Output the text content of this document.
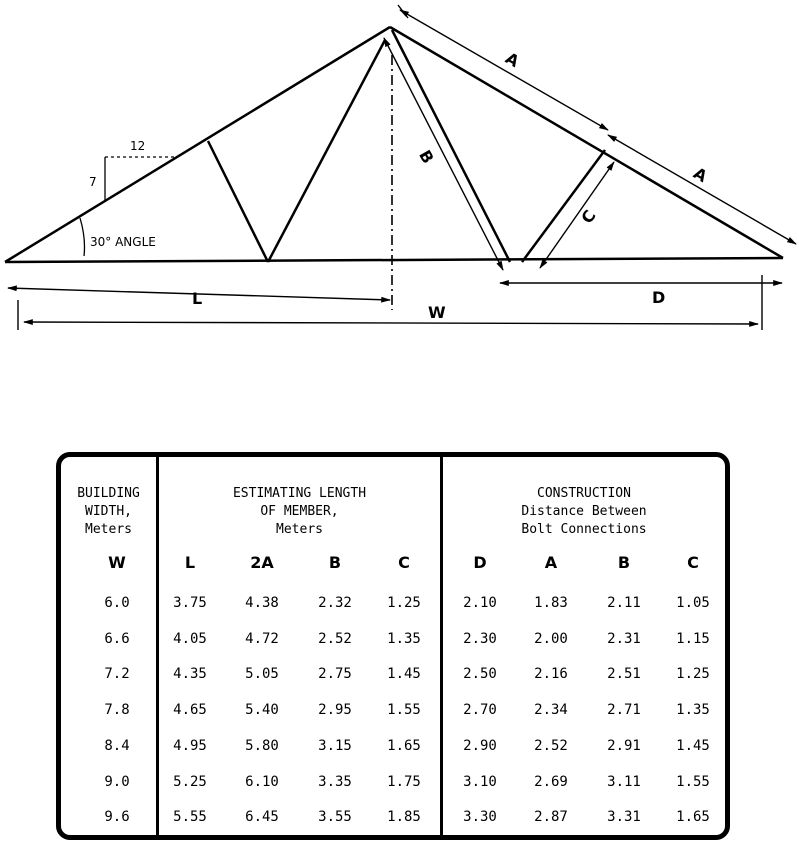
12
7
30° ANGLE
A
A
B
C
L	D
W
BUILDING
WIDTH,
Meters
ESTIMATING LENGTH
OF MEMBER,
Meters
CONSTRUCTION
Distance Between
Bolt Connections
W	L	2A	B	C	D	A	B	C
6.0	3.75	4.38	2.32	1.25	2.10	1.83	2.11	1.05
6.6	4.05	4.72	2.52	1.35	2.30	2.00	2.31	1.15
7.2	4.35	5.05	2.75	1.45	2.50	2.16	2.51	1.25
7.8	4.65	5.40	2.95	1.55	2.70	2.34	2.71	1.35
8.4	4.95	5.80	3.15	1.65	2.90	2.52	2.91	1.45
9.0	5.25	6.10	3.35	1.75	3.10	2.69	3.11	1.55
9.6	5.55	6.45	3.55	1.85	3.30	2.87	3.31	1.65
